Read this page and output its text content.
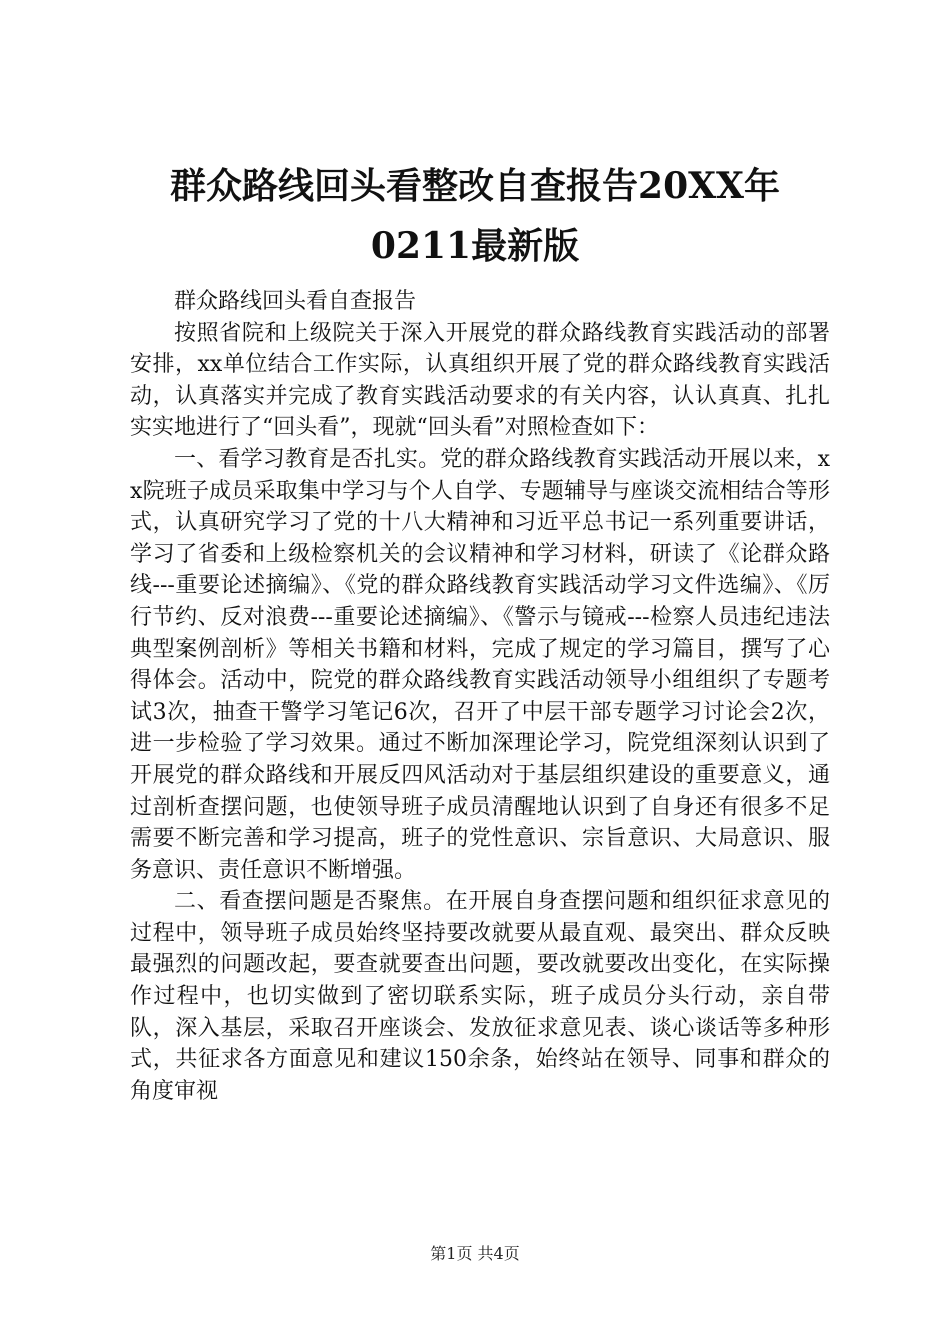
群众路线回头看整改自查报告20XX年0211最新版

群众路线回头看自查报告

按照省院和上级院关于深入开展党的群众路线教育实践活动的部署安排，xx单位结合工作实际，认真组织开展了党的群众路线教育实践活动，认真落实并完成了教育实践活动要求的有关内容，认认真真、扎扎实实地进行了“回头看”，现就“回头看”对照检查如下：

一、看学习教育是否扎实。党的群众路线教育实践活动开展以来，xx院班子成员采取集中学习与个人自学、专题辅导与座谈交流相结合等形式，认真研究学习了党的十八大精神和习近平总书记一系列重要讲话，学习了省委和上级检察机关的会议精神和学习材料，研读了《论群众路线---重要论述摘编》、《党的群众路线教育实践活动学习文件选编》、《厉行节约、反对浪费---重要论述摘编》、《警示与镜戒---检察人员违纪违法典型案例剖析》等相关书籍和材料，完成了规定的学习篇目，撰写了心得体会。活动中，院党的群众路线教育实践活动领导小组组织了专题考试3次，抽查干警学习笔记6次，召开了中层干部专题学习讨论会2次，进一步检验了学习效果。通过不断加深理论学习，院党组深刻认识到了开展党的群众路线和开展反四风活动对于基层组织建设的重要意义，通过剖析查摆问题，也使领导班子成员清醒地认识到了自身还有很多不足需要不断完善和学习提高，班子的党性意识、宗旨意识、大局意识、服务意识、责任意识不断增强。

二、看查摆问题是否聚焦。在开展自身查摆问题和组织征求意见的过程中，领导班子成员始终坚持要改就要从最直观、最突出、群众反映最强烈的问题改起，要查就要查出问题，要改就要改出变化，在实际操作过程中，也切实做到了密切联系实际，班子成员分头行动，亲自带队，深入基层，采取召开座谈会、发放征求意见表、谈心谈话等多种形式，共征求各方面意见和建议150余条，始终站在领导、同事和群众的角度审视

第1页 共4页
